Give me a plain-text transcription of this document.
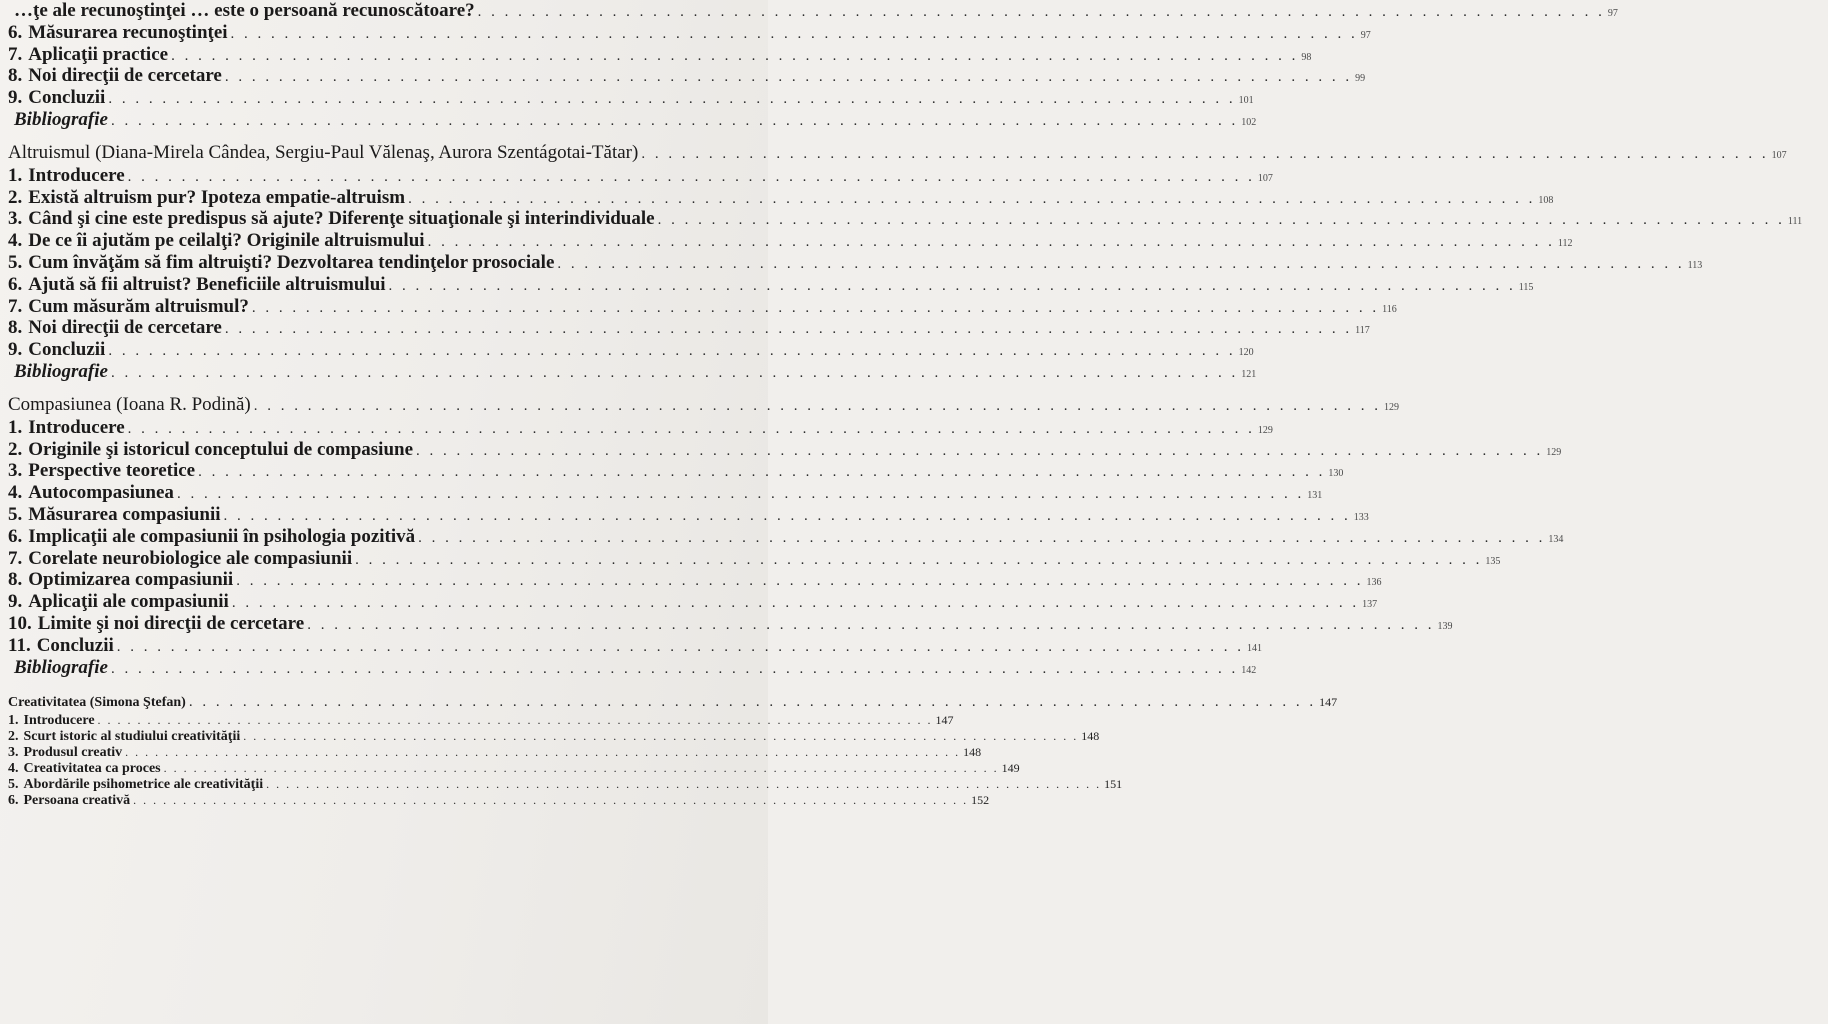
…ţe ale recunoştinţei … este o persoană recunoscătoare? . . . . . . . . . . . . . . . . . . . . . . . . . . . . . . . . . . . . . . . . . . . . . . . . . . . . . . . . . . . . . . . . . . . . . . . . . . . . . . . . . . . . 97
6. Măsurarea recunoştinţei . . . . . . . . . . . . . . . . . . . . . . . . . . . . . . . . . . . . . . . . . . . . . . . . . . . . . . . . . . . . . . . . . . . . . . . . . . . . . . . . . . . . 97
7. Aplicaţii practice . . . . . . . . . . . . . . . . . . . . . . . . . . . . . . . . . . . . . . . . . . . . . . . . . . . . . . . . . . . . . . . . . . . . . . . . . . . . . . . . . . . . 98
8. Noi direcţii de cercetare . . . . . . . . . . . . . . . . . . . . . . . . . . . . . . . . . . . . . . . . . . . . . . . . . . . . . . . . . . . . . . . . . . . . . . . . . . . . . . . . . . . . 99
9. Concluzii . . . . . . . . . . . . . . . . . . . . . . . . . . . . . . . . . . . . . . . . . . . . . . . . . . . . . . . . . . . . . . . . . . . . . . . . . . . . . . . . . . . . 101
Bibliografie . . . . . . . . . . . . . . . . . . . . . . . . . . . . . . . . . . . . . . . . . . . . . . . . . . . . . . . . . . . . . . . . . . . . . . . . . . . . . . . . . . . . 102
Altruismul (Diana-Mirela Cândea, Sergiu-Paul Vălenaş, Aurora Szentágotai-Tătar) . . . . . . . . . . . . . . . . . . . . . . . . . . . . . . . . . . . . . . . . . . . . . . . . . . . . . . . . . . . . . . . . . . . . . . . . . . . . . . . . . . . . 107
1. Introducere . . . . . . . . . . . . . . . . . . . . . . . . . . . . . . . . . . . . . . . . . . . . . . . . . . . . . . . . . . . . . . . . . . . . . . . . . . . . . . . . . . . . 107
2. Există altruism pur? Ipoteza empatie-altruism . . . . . . . . . . . . . . . . . . . . . . . . . . . . . . . . . . . . . . . . . . . . . . . . . . . . . . . . . . . . . . . . . . . . . . . . . . . . . . . . . . . . 108
3. Când şi cine este predispus să ajute? Diferenţe situaţionale şi interindividuale . . . . . . . . . . . . . . . . . . . . . . . . . . . . . . . . . . . . . . . . . . . . . . . . . . . . . . . . . . . . . . . . . . . . . . . . . . . . . . . . . . . . 111
4. De ce îi ajutăm pe ceilalţi? Originile altruismului . . . . . . . . . . . . . . . . . . . . . . . . . . . . . . . . . . . . . . . . . . . . . . . . . . . . . . . . . . . . . . . . . . . . . . . . . . . . . . . . . . . . 112
5. Cum învăţăm să fim altruişti? Dezvoltarea tendinţelor prosociale . . . . . . . . . . . . . . . . . . . . . . . . . . . . . . . . . . . . . . . . . . . . . . . . . . . . . . . . . . . . . . . . . . . . . . . . . . . . . . . . . . . . 113
6. Ajută să fii altruist? Beneficiile altruismului . . . . . . . . . . . . . . . . . . . . . . . . . . . . . . . . . . . . . . . . . . . . . . . . . . . . . . . . . . . . . . . . . . . . . . . . . . . . . . . . . . . . 115
7. Cum măsurăm altruismul? . . . . . . . . . . . . . . . . . . . . . . . . . . . . . . . . . . . . . . . . . . . . . . . . . . . . . . . . . . . . . . . . . . . . . . . . . . . . . . . . . . . . 116
8. Noi direcţii de cercetare . . . . . . . . . . . . . . . . . . . . . . . . . . . . . . . . . . . . . . . . . . . . . . . . . . . . . . . . . . . . . . . . . . . . . . . . . . . . . . . . . . . . 117
9. Concluzii . . . . . . . . . . . . . . . . . . . . . . . . . . . . . . . . . . . . . . . . . . . . . . . . . . . . . . . . . . . . . . . . . . . . . . . . . . . . . . . . . . . . 120
Bibliografie . . . . . . . . . . . . . . . . . . . . . . . . . . . . . . . . . . . . . . . . . . . . . . . . . . . . . . . . . . . . . . . . . . . . . . . . . . . . . . . . . . . . 121
Compasiunea (Ioana R. Podină) . . . . . . . . . . . . . . . . . . . . . . . . . . . . . . . . . . . . . . . . . . . . . . . . . . . . . . . . . . . . . . . . . . . . . . . . . . . . . . . . . . . . 129
1. Introducere . . . . . . . . . . . . . . . . . . . . . . . . . . . . . . . . . . . . . . . . . . . . . . . . . . . . . . . . . . . . . . . . . . . . . . . . . . . . . . . . . . . . 129
2. Originile şi istoricul conceptului de compasiune . . . . . . . . . . . . . . . . . . . . . . . . . . . . . . . . . . . . . . . . . . . . . . . . . . . . . . . . . . . . . . . . . . . . . . . . . . . . . . . . . . . . 129
3. Perspective teoretice . . . . . . . . . . . . . . . . . . . . . . . . . . . . . . . . . . . . . . . . . . . . . . . . . . . . . . . . . . . . . . . . . . . . . . . . . . . . . . . . . . . . 130
4. Autocompasiunea . . . . . . . . . . . . . . . . . . . . . . . . . . . . . . . . . . . . . . . . . . . . . . . . . . . . . . . . . . . . . . . . . . . . . . . . . . . . . . . . . . . . 131
5. Măsurarea compasiunii . . . . . . . . . . . . . . . . . . . . . . . . . . . . . . . . . . . . . . . . . . . . . . . . . . . . . . . . . . . . . . . . . . . . . . . . . . . . . . . . . . . . 133
6. Implicaţii ale compasiunii în psihologia pozitivă . . . . . . . . . . . . . . . . . . . . . . . . . . . . . . . . . . . . . . . . . . . . . . . . . . . . . . . . . . . . . . . . . . . . . . . . . . . . . . . . . . . . 134
7. Corelate neurobiologice ale compasiunii . . . . . . . . . . . . . . . . . . . . . . . . . . . . . . . . . . . . . . . . . . . . . . . . . . . . . . . . . . . . . . . . . . . . . . . . . . . . . . . . . . . . 135
8. Optimizarea compasiunii . . . . . . . . . . . . . . . . . . . . . . . . . . . . . . . . . . . . . . . . . . . . . . . . . . . . . . . . . . . . . . . . . . . . . . . . . . . . . . . . . . . . 136
9. Aplicaţii ale compasiunii . . . . . . . . . . . . . . . . . . . . . . . . . . . . . . . . . . . . . . . . . . . . . . . . . . . . . . . . . . . . . . . . . . . . . . . . . . . . . . . . . . . . 137
10. Limite şi noi direcţii de cercetare . . . . . . . . . . . . . . . . . . . . . . . . . . . . . . . . . . . . . . . . . . . . . . . . . . . . . . . . . . . . . . . . . . . . . . . . . . . . . . . . . . . . 139
11. Concluzii . . . . . . . . . . . . . . . . . . . . . . . . . . . . . . . . . . . . . . . . . . . . . . . . . . . . . . . . . . . . . . . . . . . . . . . . . . . . . . . . . . . . 141
Bibliografie . . . . . . . . . . . . . . . . . . . . . . . . . . . . . . . . . . . . . . . . . . . . . . . . . . . . . . . . . . . . . . . . . . . . . . . . . . . . . . . . . . . . 142
Creativitatea (Simona Ştefan) . . . . . . . . . . . . . . . . . . . . . . . . . . . . . . . . . . . . . . . . . . . . . . . . . . . . . . . . . . . . . . . . . . . . . . . . . . . . . . . . . . . . 147
1. Introducere . . . . . . . . . . . . . . . . . . . . . . . . . . . . . . . . . . . . . . . . . . . . . . . . . . . . . . . . . . . . . . . . . . . . . . . . . . . . . . . . . . . . 147
2. Scurt istoric al studiului creativităţii . . . . . . . . . . . . . . . . . . . . . . . . . . . . . . . . . . . . . . . . . . . . . . . . . . . . . . . . . . . . . . . . . . . . . . . . . . . . . . . . . . . . 148
3. Produsul creativ . . . . . . . . . . . . . . . . . . . . . . . . . . . . . . . . . . . . . . . . . . . . . . . . . . . . . . . . . . . . . . . . . . . . . . . . . . . . . . . . . . . . 148
4. Creativitatea ca proces . . . . . . . . . . . . . . . . . . . . . . . . . . . . . . . . . . . . . . . . . . . . . . . . . . . . . . . . . . . . . . . . . . . . . . . . . . . . . . . . . . . . 149
5. Abordările psihometrice ale creativităţii . . . . . . . . . . . . . . . . . . . . . . . . . . . . . . . . . . . . . . . . . . . . . . . . . . . . . . . . . . . . . . . . . . . . . . . . . . . . . . . . . . . . 151
6. Persoana creativă . . . . . . . . . . . . . . . . . . . . . . . . . . . . . . . . . . . . . . . . . . . . . . . . . . . . . . . . . . . . . . . . . . . . . . . . . . . . . . . . . . . . 152
